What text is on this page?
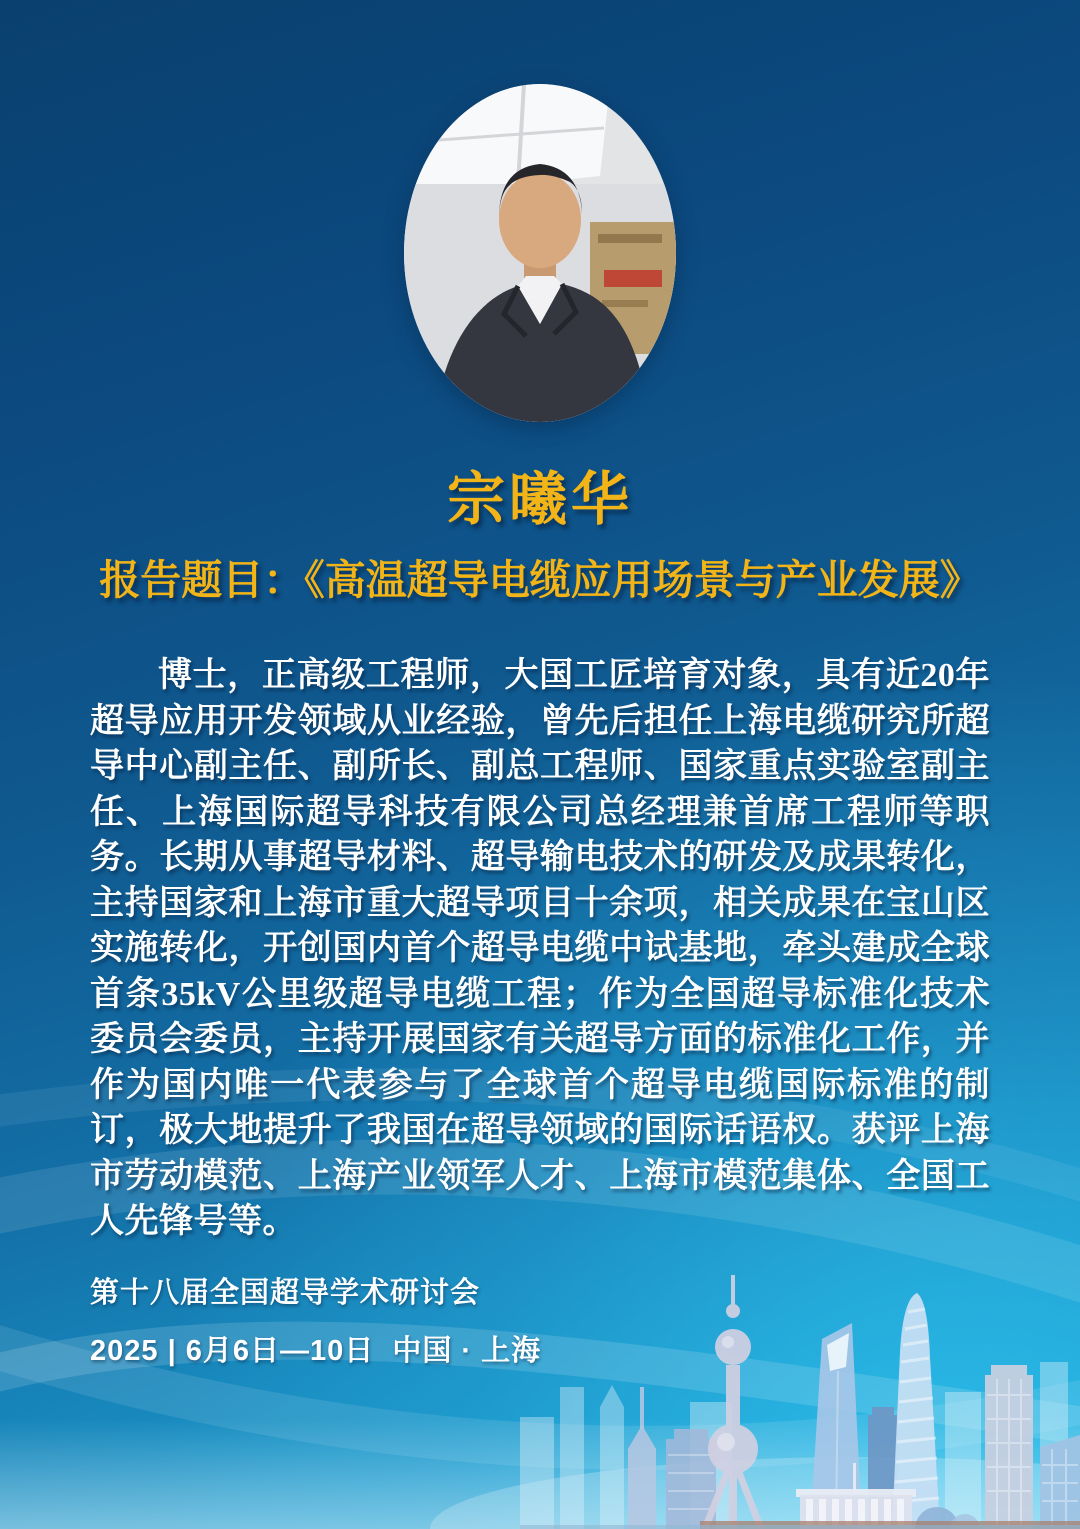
宗曦华
报告题目：《高温超导电缆应用场景与产业发展》

博士，正高级工程师，大国工匠培育对象，具有近20年超导应用开发领域从业经验，曾先后担任上海电缆研究所超导中心副主任、副所长、副总工程师、国家重点实验室副主任、上海国际超导科技有限公司总经理兼首席工程师等职务。长期从事超导材料、超导输电技术的研发及成果转化，主持国家和上海市重大超导项目十余项，相关成果在宝山区实施转化，开创国内首个超导电缆中试基地，牵头建成全球首条35kV公里级超导电缆工程；作为全国超导标准化技术委员会委员，主持开展国家有关超导方面的标准化工作，并作为国内唯一代表参与了全球首个超导电缆国际标准的制订，极大地提升了我国在超导领域的国际话语权。获评上海市劳动模范、上海产业领军人才、上海市模范集体、全国工人先锋号等。

第十八届全国超导学术研讨会
2025 | 6月6日—10日  中国 · 上海
